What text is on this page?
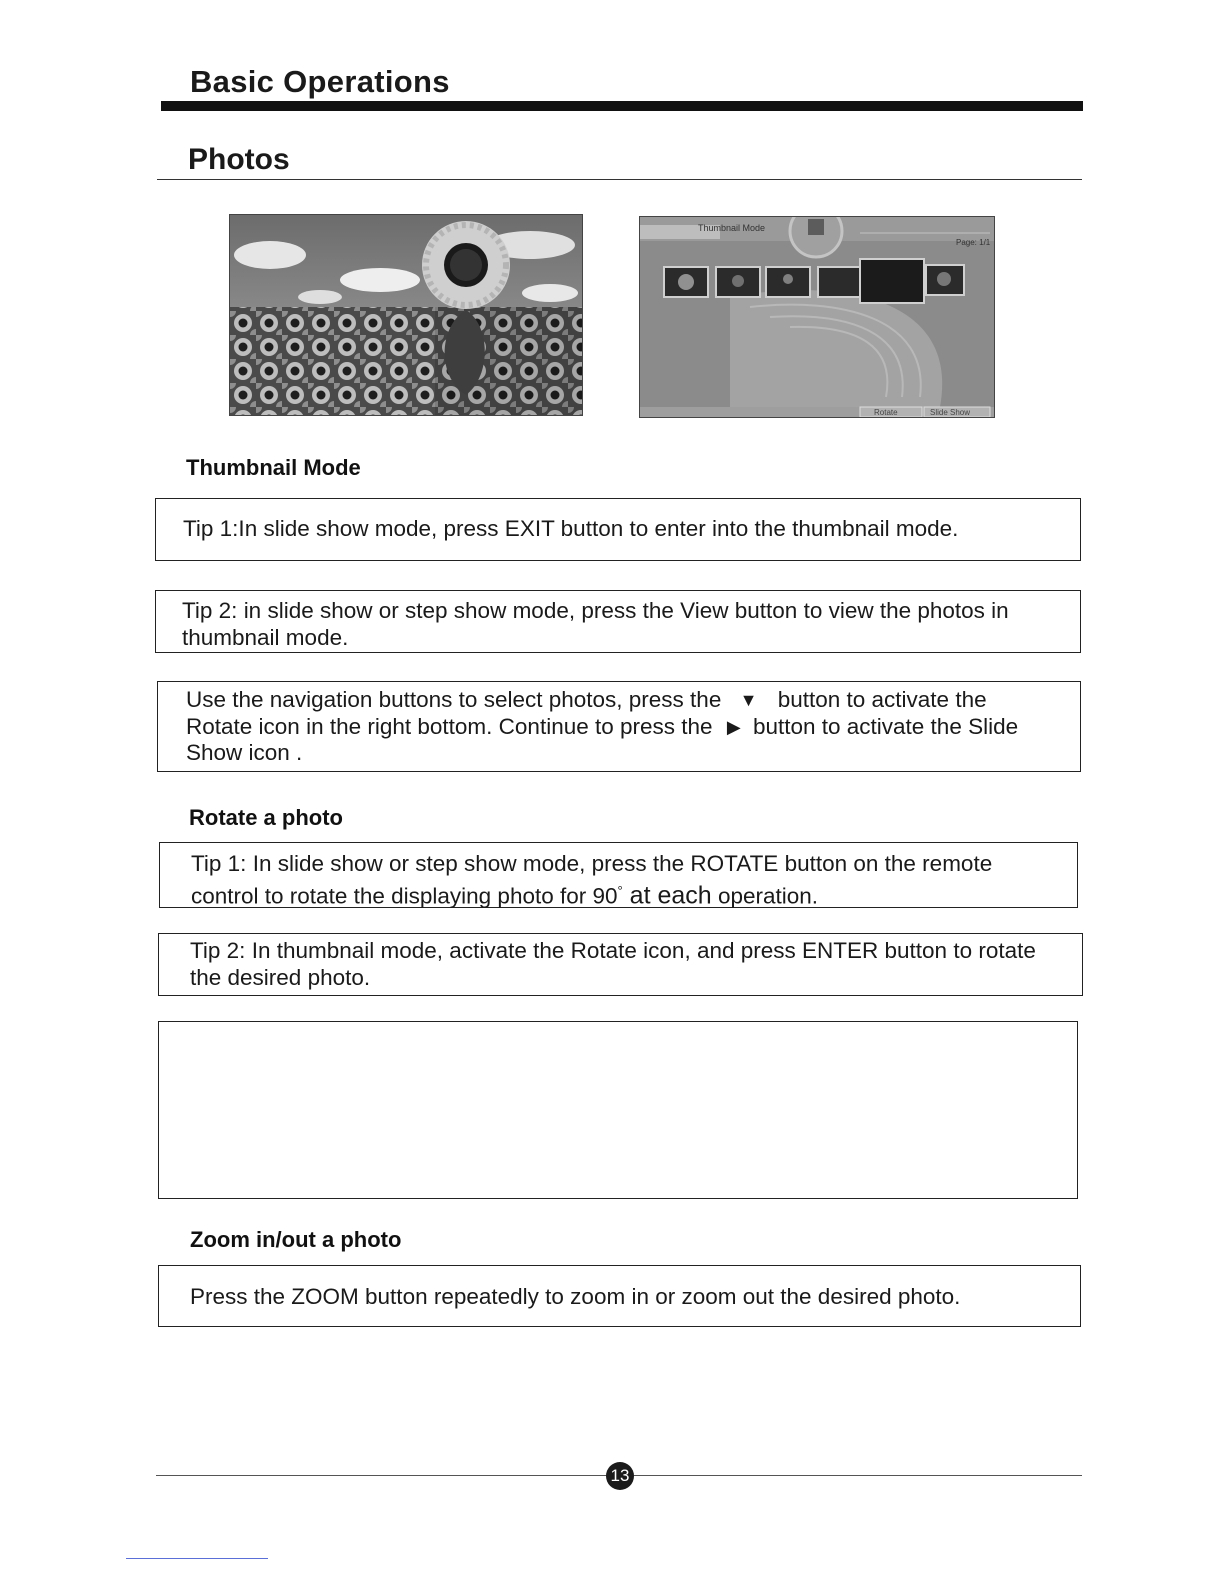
Basic Operations
Photos
Thumbnail Mode
Page: 1/1
Rotate	Slide Show
Thumbnail Mode

Tip 1:In slide show mode, press EXIT button to enter into the thumbnail mode.

Tip 2: in slide show or step show mode, press the View button to view the photos in

thumbnail mode.

Use the navigation buttons to select photos, press the ▼ button to activate the

Rotate icon in the right bottom. Continue to press the ▶ button to activate the Slide

Show icon .

Rotate a photo

Tip 1: In slide show or step show mode, press the ROTATE button on the remote

control to rotate the displaying photo for 90° at each operation.

Tip 2: In thumbnail mode, activate the Rotate icon, and press ENTER button to rotate

the desired photo.

Zoom in/out a photo

Press the ZOOM button repeatedly to zoom in or zoom out the desired photo.

13
